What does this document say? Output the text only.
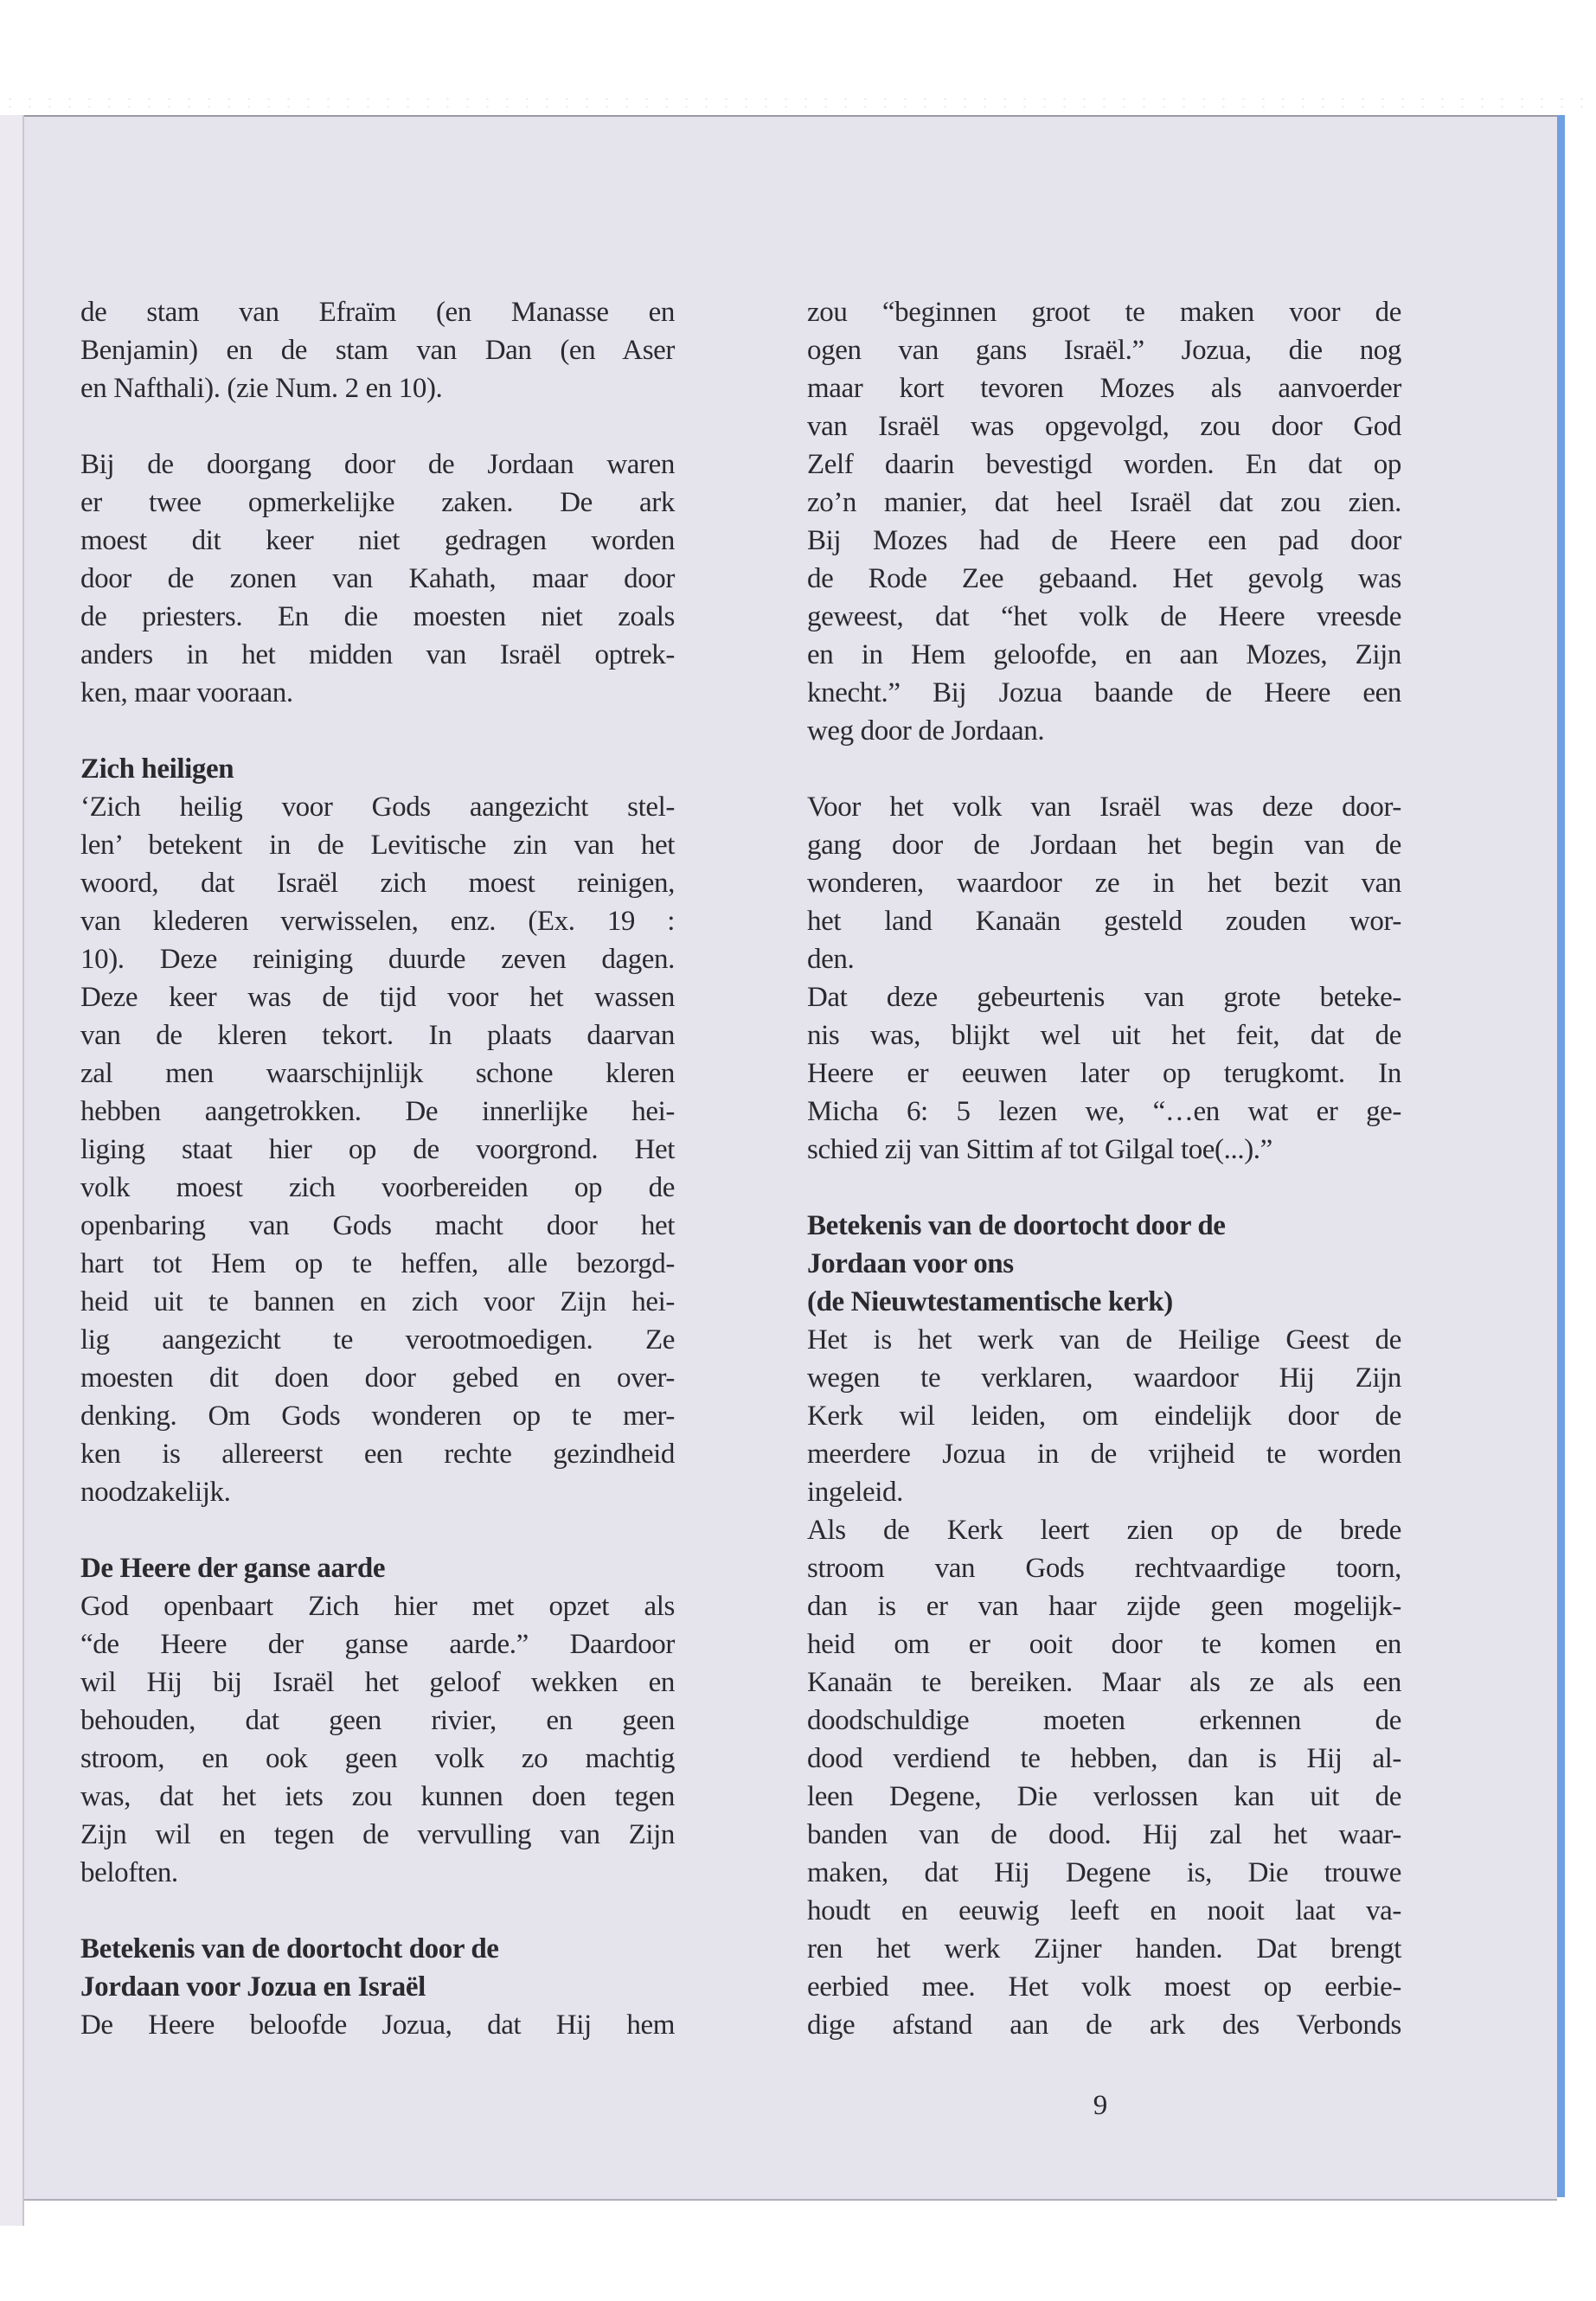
de stam van Efraïm (en Manasse en
Benjamin) en de stam van Dan (en Aser
en Nafthali). (zie Num. 2 en 10).
Bij de doorgang door de Jordaan waren
er twee opmerkelijke zaken. De ark
moest dit keer niet gedragen worden
door de zonen van Kahath, maar door
de priesters. En die moesten niet zoals
anders in het midden van Israël optrek-
ken, maar vooraan.
Zich heiligen
‘Zich heilig voor Gods aangezicht stel-
len’ betekent in de Levitische zin van het
woord, dat Israël zich moest reinigen,
van klederen verwisselen, enz. (Ex. 19 :
10). Deze reiniging duurde zeven dagen.
Deze keer was de tijd voor het wassen
van de kleren tekort. In plaats daarvan
zal men waarschijnlijk schone kleren
hebben aangetrokken. De innerlijke hei-
liging staat hier op de voorgrond. Het
volk moest zich voorbereiden op de
openbaring van Gods macht door het
hart tot Hem op te heffen, alle bezorgd-
heid uit te bannen en zich voor Zijn hei-
lig aangezicht te verootmoedigen. Ze
moesten dit doen door gebed en over-
denking. Om Gods wonderen op te mer-
ken is allereerst een rechte gezindheid
noodzakelijk.
De Heere der ganse aarde
God openbaart Zich hier met opzet als
“de Heere der ganse aarde.” Daardoor
wil Hij bij Israël het geloof wekken en
behouden, dat geen rivier, en geen
stroom, en ook geen volk zo machtig
was, dat het iets zou kunnen doen tegen
Zijn wil en tegen de vervulling van Zijn
beloften.
Betekenis van de doortocht door de
Jordaan voor Jozua en Israël
De Heere beloofde Jozua, dat Hij hem
zou “beginnen groot te maken voor de
ogen van gans Israël.” Jozua, die nog
maar kort tevoren Mozes als aanvoerder
van Israël was opgevolgd, zou door God
Zelf daarin bevestigd worden. En dat op
zo’n manier, dat heel Israël dat zou zien.
Bij Mozes had de Heere een pad door
de Rode Zee gebaand. Het gevolg was
geweest, dat “het volk de Heere vreesde
en in Hem geloofde, en aan Mozes, Zijn
knecht.” Bij Jozua baande de Heere een
weg door de Jordaan.
Voor het volk van Israël was deze door-
gang door de Jordaan het begin van de
wonderen, waardoor ze in het bezit van
het land Kanaän gesteld zouden wor-
den.
Dat deze gebeurtenis van grote beteke-
nis was, blijkt wel uit het feit, dat de
Heere er eeuwen later op terugkomt. In
Micha 6: 5 lezen we, “…en wat er ge-
schied zij van Sittim af tot Gilgal toe(...).”
Betekenis van de doortocht door de
Jordaan voor ons
(de Nieuwtestamentische kerk)
Het is het werk van de Heilige Geest de
wegen te verklaren, waardoor Hij Zijn
Kerk wil leiden, om eindelijk door de
meerdere Jozua in de vrijheid te worden
ingeleid.
Als de Kerk leert zien op de brede
stroom van Gods rechtvaardige toorn,
dan is er van haar zijde geen mogelijk-
heid om er ooit door te komen en
Kanaän te bereiken. Maar als ze als een
doodschuldige moeten erkennen de
dood verdiend te hebben, dan is Hij al-
leen Degene, Die verlossen kan uit de
banden van de dood. Hij zal het waar-
maken, dat Hij Degene is, Die trouwe
houdt en eeuwig leeft en nooit laat va-
ren het werk Zijner handen. Dat brengt
eerbied mee. Het volk moest op eerbie-
dige afstand aan de ark des Verbonds
9
